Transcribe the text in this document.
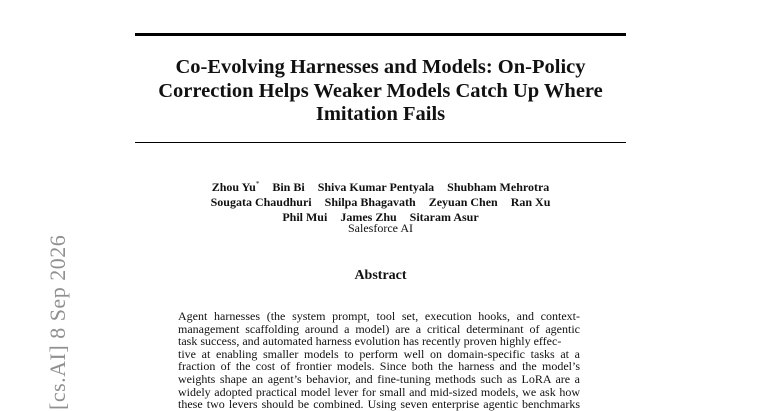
Co-Evolving Harnesses and Models: On-Policy
Correction Helps Weaker Models Catch Up Where
Imitation Fails
Zhou Yu* Bin Bi Shiva Kumar Pentyala Shubham Mehrotra
Sougata Chaudhuri Shilpa Bhagavath Zeyuan Chen Ran Xu
Phil Mui James Zhu Sitaram Asur
Salesforce AI
Abstract
Agent harnesses (the system prompt, tool set, execution hooks, and context-
management scaffolding around a model) are a critical determinant of agentic
task success, and automated harness evolution has recently proven highly effec-
tive at enabling smaller models to perform well on domain-specific tasks at a
fraction of the cost of frontier models. Since both the harness and the model’s
weights shape an agent’s behavior, and fine-tuning methods such as LoRA are a
widely adopted practical model lever for small and mid-sized models, we ask how
these two levers should be combined. Using seven enterprise agentic benchmarks
[cs.AI] 8 Sep 2026
